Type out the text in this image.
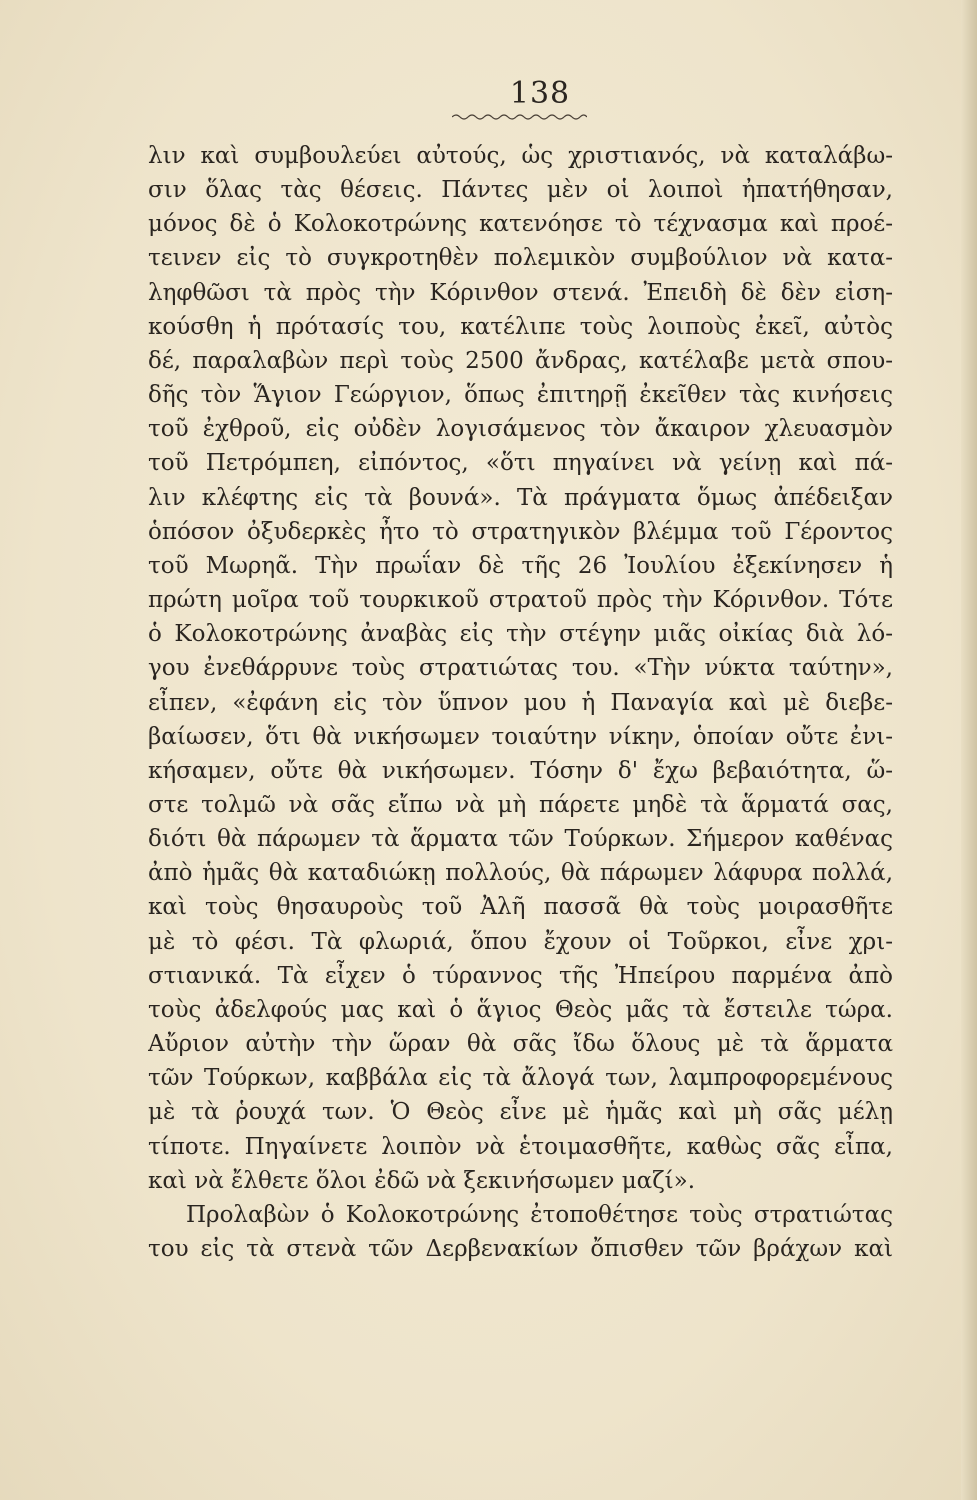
138
λιν καὶ συμβουλεύει αὐτούς, ὡς χριστιανός, νὰ καταλάβω-
σιν ὅλας τὰς θέσεις. Πάντες μὲν οἱ λοιποὶ ἠπατήθησαν,
μόνος δὲ ὁ Κολοκοτρώνης κατενόησε τὸ τέχνασμα καὶ προέ-
τεινεν εἰς τὸ συγκροτηθὲν πολεμικὸν συμβούλιον νὰ κατα-
ληφθῶσι τὰ πρὸς τὴν Κόρινθον στενά. Ἐπειδὴ δὲ δὲν εἰση-
κούσθη ἡ πρότασίς του, κατέλιπε τοὺς λοιποὺς ἐκεῖ, αὐτὸς
δέ, παραλαβὼν περὶ τοὺς 2500 ἄνδρας, κατέλαβε μετὰ σπου-
δῆς τὸν Ἅγιον Γεώργιον, ὅπως ἐπιτηρῇ ἐκεῖθεν τὰς κινήσεις
τοῦ ἐχθροῦ, εἰς οὐδὲν λογισάμενος τὸν ἄκαιρον χλευασμὸν
τοῦ Πετρόμπεη, εἰπόντος, «ὅτι πηγαίνει νὰ γείνῃ καὶ πά-
λιν κλέφτης εἰς τὰ βουνά». Τὰ πράγματα ὅμως ἀπέδειξαν
ὁπόσον ὀξυδερκὲς ἦτο τὸ στρατηγικὸν βλέμμα τοῦ Γέροντος
τοῦ Μωρηᾶ. Τὴν πρωΐαν δὲ τῆς 26 Ἰουλίου ἐξεκίνησεν ἡ
πρώτη μοῖρα τοῦ τουρκικοῦ στρατοῦ πρὸς τὴν Κόρινθον. Τότε
ὁ Κολοκοτρώνης ἀναβὰς εἰς τὴν στέγην μιᾶς οἰκίας διὰ λό-
γου ἐνεθάρρυνε τοὺς στρατιώτας του. «Τὴν νύκτα ταύτην»,
εἶπεν, «ἐφάνη εἰς τὸν ὕπνον μου ἡ Παναγία καὶ μὲ διεβε-
βαίωσεν, ὅτι θὰ νικήσωμεν τοιαύτην νίκην, ὁποίαν οὔτε ἐνι-
κήσαμεν, οὔτε θὰ νικήσωμεν. Τόσην δ' ἔχω βεβαιότητα, ὥ-
στε τολμῶ νὰ σᾶς εἴπω νὰ μὴ πάρετε μηδὲ τὰ ἅρματά σας,
διότι θὰ πάρωμεν τὰ ἅρματα τῶν Τούρκων. Σήμερον καθένας
ἀπὸ ἡμᾶς θὰ καταδιώκῃ πολλούς, θὰ πάρωμεν λάφυρα πολλά,
καὶ τοὺς θησαυροὺς τοῦ Ἀλῆ πασσᾶ θὰ τοὺς μοιρασθῆτε
μὲ τὸ φέσι. Τὰ φλωριά, ὅπου ἔχουν οἱ Τοῦρκοι, εἶνε χρι-
στιανικά. Τὰ εἶχεν ὁ τύραννος τῆς Ἠπείρου παρμένα ἀπὸ
τοὺς ἀδελφούς μας καὶ ὁ ἅγιος Θεὸς μᾶς τὰ ἔστειλε τώρα.
Αὔριον αὐτὴν τὴν ὥραν θὰ σᾶς ἴδω ὅλους μὲ τὰ ἅρματα
τῶν Τούρκων, καββάλα εἰς τὰ ἄλογά των, λαμπροφορεμένους
μὲ τὰ ῥουχά των. Ὁ Θεὸς εἶνε μὲ ἡμᾶς καὶ μὴ σᾶς μέλῃ
τίποτε. Πηγαίνετε λοιπὸν νὰ ἑτοιμασθῆτε, καθὼς σᾶς εἶπα,
καὶ νὰ ἔλθετε ὅλοι ἐδῶ νὰ ξεκινήσωμεν μαζί».
Προλαβὼν ὁ Κολοκοτρώνης ἐτοποθέτησε τοὺς στρατιώτας
του εἰς τὰ στενὰ τῶν Δερβενακίων ὄπισθεν τῶν βράχων καὶ
